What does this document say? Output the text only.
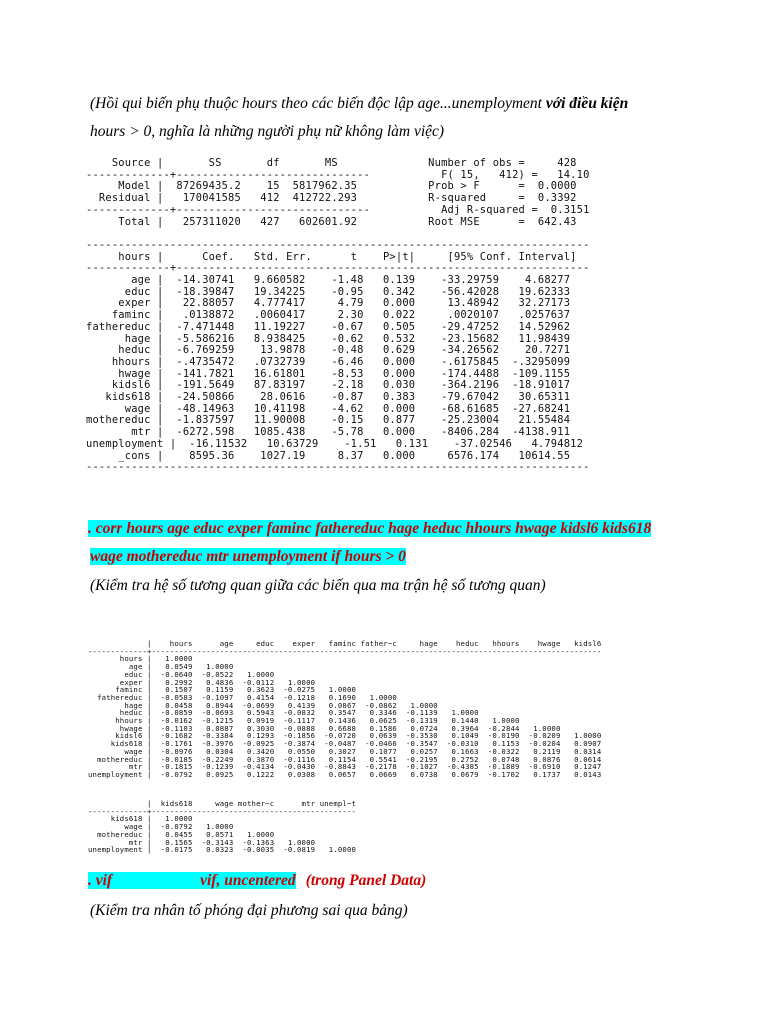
(Hồi qui biến phụ thuộc hours theo các biến độc lập age...unemployment với điều kiện
hours > 0, nghĩa là những người phụ nữ không làm việc)
Source |       SS       df       MS              Number of obs =     428
-------------+------------------------------           F( 15,   412) =   14.10
Model |  87269435.2    15  5817962.35           Prob > F      =  0.0000
Residual |   170041585   412  412722.293           R-squared     =  0.3392
-------------+------------------------------           Adj R-squared =  0.3151
Total |   257311020   427   602601.92           Root MSE      =  642.43

------------------------------------------------------------------------------
hours |      Coef.   Std. Err.      t    P>|t|     [95% Conf. Interval]
-------------+----------------------------------------------------------------
age |  -14.30741   9.660582    -1.48   0.139    -33.29759    4.68277
educ |  -18.39847   19.34225    -0.95   0.342    -56.42028   19.62333
exper |   22.88057   4.777417     4.79   0.000     13.48942   32.27173
faminc |   .0138872   .0060417     2.30   0.022     .0020107   .0257637
fathereduc |  -7.471448   11.19227    -0.67   0.505    -29.47252   14.52962
hage |  -5.586216   8.938425    -0.62   0.532    -23.15682   11.98439
heduc |  -6.769259    13.9878    -0.48   0.629    -34.26562    20.7271
hhours |  -.4735472   .0732739    -6.46   0.000    -.6175845  -.3295099
hwage |  -141.7821   16.61801    -8.53   0.000    -174.4488  -109.1155
kidsl6 |  -191.5649   87.83197    -2.18   0.030    -364.2196  -18.91017
kids618 |  -24.50866    28.0616    -0.87   0.383    -79.67042   30.65311
wage |  -48.14963   10.41198    -4.62   0.000    -68.61685  -27.68241
mothereduc |  -1.837597   11.90008    -0.15   0.877    -25.23004   21.55484
mtr |  -6272.598   1085.438    -5.78   0.000    -8406.284  -4138.911
unemployment |  -16.11532   10.63729    -1.51   0.131    -37.02546   4.794812
_cons |    8595.36    1027.19     8.37   0.000     6576.174   10614.55
------------------------------------------------------------------------------
. corr hours age educ exper faminc fathereduc hage heduc hhours hwage kidsl6 kids618
wage mothereduc mtr unemployment if hours > 0
(Kiểm tra hệ số tương quan giữa các biến qua ma trận hệ số tương quan)
|    hours      age     educ    exper   faminc father~c     hage    heduc   hhours    hwage   kidsl6
-------------+---------------------------------------------------------------------------------------------------
hours |   1.0000
age |   0.0549   1.0000
educ |  -0.0640  -0.0522   1.0000
exper |   0.2992   0.4836  -0.0112   1.0000
faminc |   0.1507   0.1159   0.3623  -0.0275   1.0000
fathereduc |  -0.0583  -0.1097   0.4154  -0.1218   0.1690   1.0000
hage |   0.0458   0.8944  -0.0699   0.4139   0.0867  -0.0862   1.0000
heduc |  -0.0859  -0.0693   0.5943  -0.0832   0.3547   0.3346  -0.1139   1.0000
hhours |  -0.0162  -0.1215   0.0919  -0.1117   0.1436   0.0625  -0.1319   0.1440   1.0000
hwage |  -0.1103   0.0887   0.3030  -0.0888   0.6688   0.1586   0.0724   0.3964  -0.2844   1.0000
kidsl6 |  -0.1682  -0.3384   0.1293  -0.1856  -0.0720   0.0639  -0.3530   0.1049  -0.0190  -0.0209   1.0000
kids618 |  -0.1761  -0.3976  -0.0925  -0.3874  -0.0487  -0.0466  -0.3547  -0.0310   0.1153  -0.0204   0.0907
wage |  -0.0976   0.0304   0.3420   0.0550   0.3027   0.1077   0.0257   0.1663  -0.0322   0.2119   0.0314
mothereduc |  -0.0185  -0.2249   0.3870  -0.1116   0.1154   0.5541  -0.2195   0.2752   0.0748   0.0876   0.0614
mtr |  -0.1815  -0.1239  -0.4134  -0.0430  -0.8843  -0.2178  -0.1027  -0.4385  -0.1889  -0.6910   0.1247
unemployment |  -0.0792   0.0925   0.1222   0.0308   0.0657   0.0669   0.0738   0.0679  -0.1702   0.1737   0.0143
|  kids618     wage mother~c      mtr unempl~t
-------------+---------------------------------------------
kids618 |   1.0000
wage |  -0.0792   1.0000
mothereduc |   0.0455   0.0571   1.0000
mtr |   0.1565  -0.3143  -0.1363   1.0000
unemployment |  -0.0175   0.0323  -0.0035  -0.0819   1.0000
. vif	vif, uncentered (trong Panel Data)
(Kiểm tra nhân tố phóng đại phương sai qua bảng)
